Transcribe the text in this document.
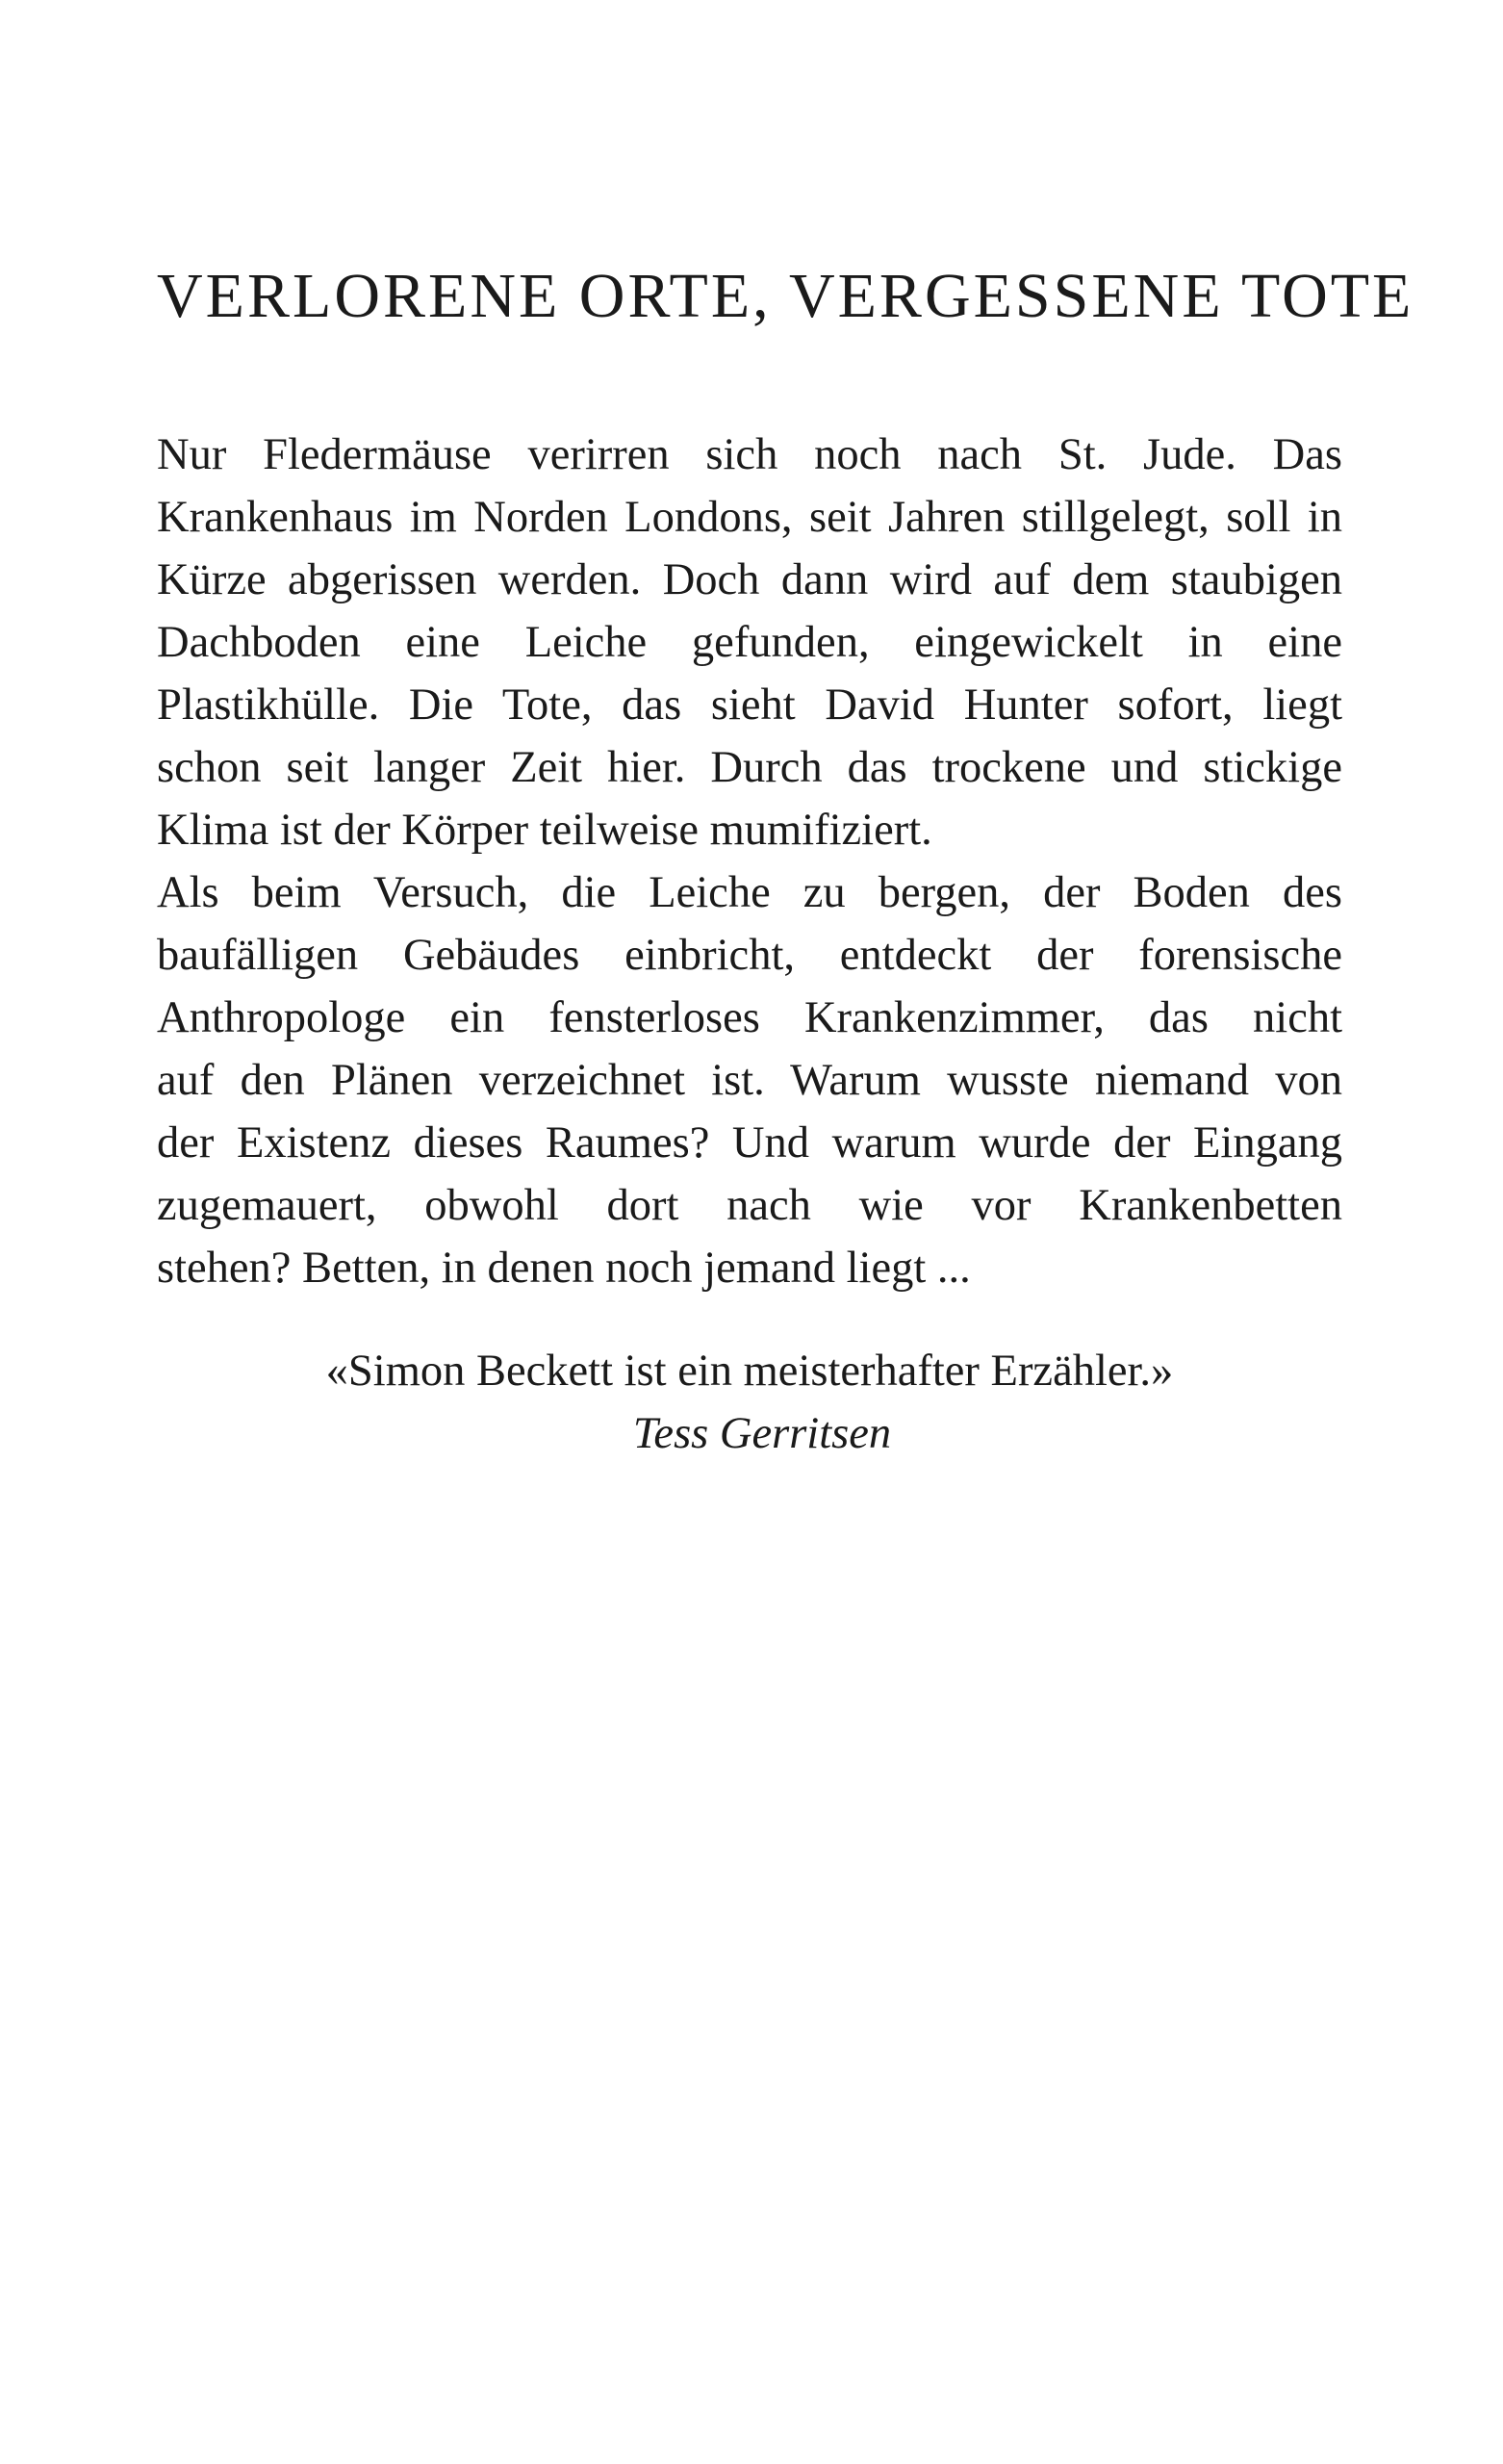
VERLORENE ORTE, VERGESSENE TOTE
Nur Fledermäuse verirren sich noch nach St. Jude. Das
Krankenhaus im Norden Londons, seit Jahren stillgelegt, soll in
Kürze abgerissen werden. Doch dann wird auf dem staubigen
Dachboden eine Leiche gefunden, eingewickelt in eine
Plastikhülle. Die Tote, das sieht David Hunter sofort, liegt
schon seit langer Zeit hier. Durch das trockene und stickige
Klima ist der Körper teilweise mumifiziert.
Als beim Versuch, die Leiche zu bergen, der Boden des
baufälligen Gebäudes einbricht, entdeckt der forensische
Anthropologe ein fensterloses Krankenzimmer, das nicht
auf den Plänen verzeichnet ist. Warum wusste niemand von
der Existenz dieses Raumes? Und warum wurde der Eingang
zugemauert, obwohl dort nach wie vor Krankenbetten
stehen? Betten, in denen noch jemand liegt ...
«Simon Beckett ist ein meisterhafter Erzähler.»
Tess Gerritsen
